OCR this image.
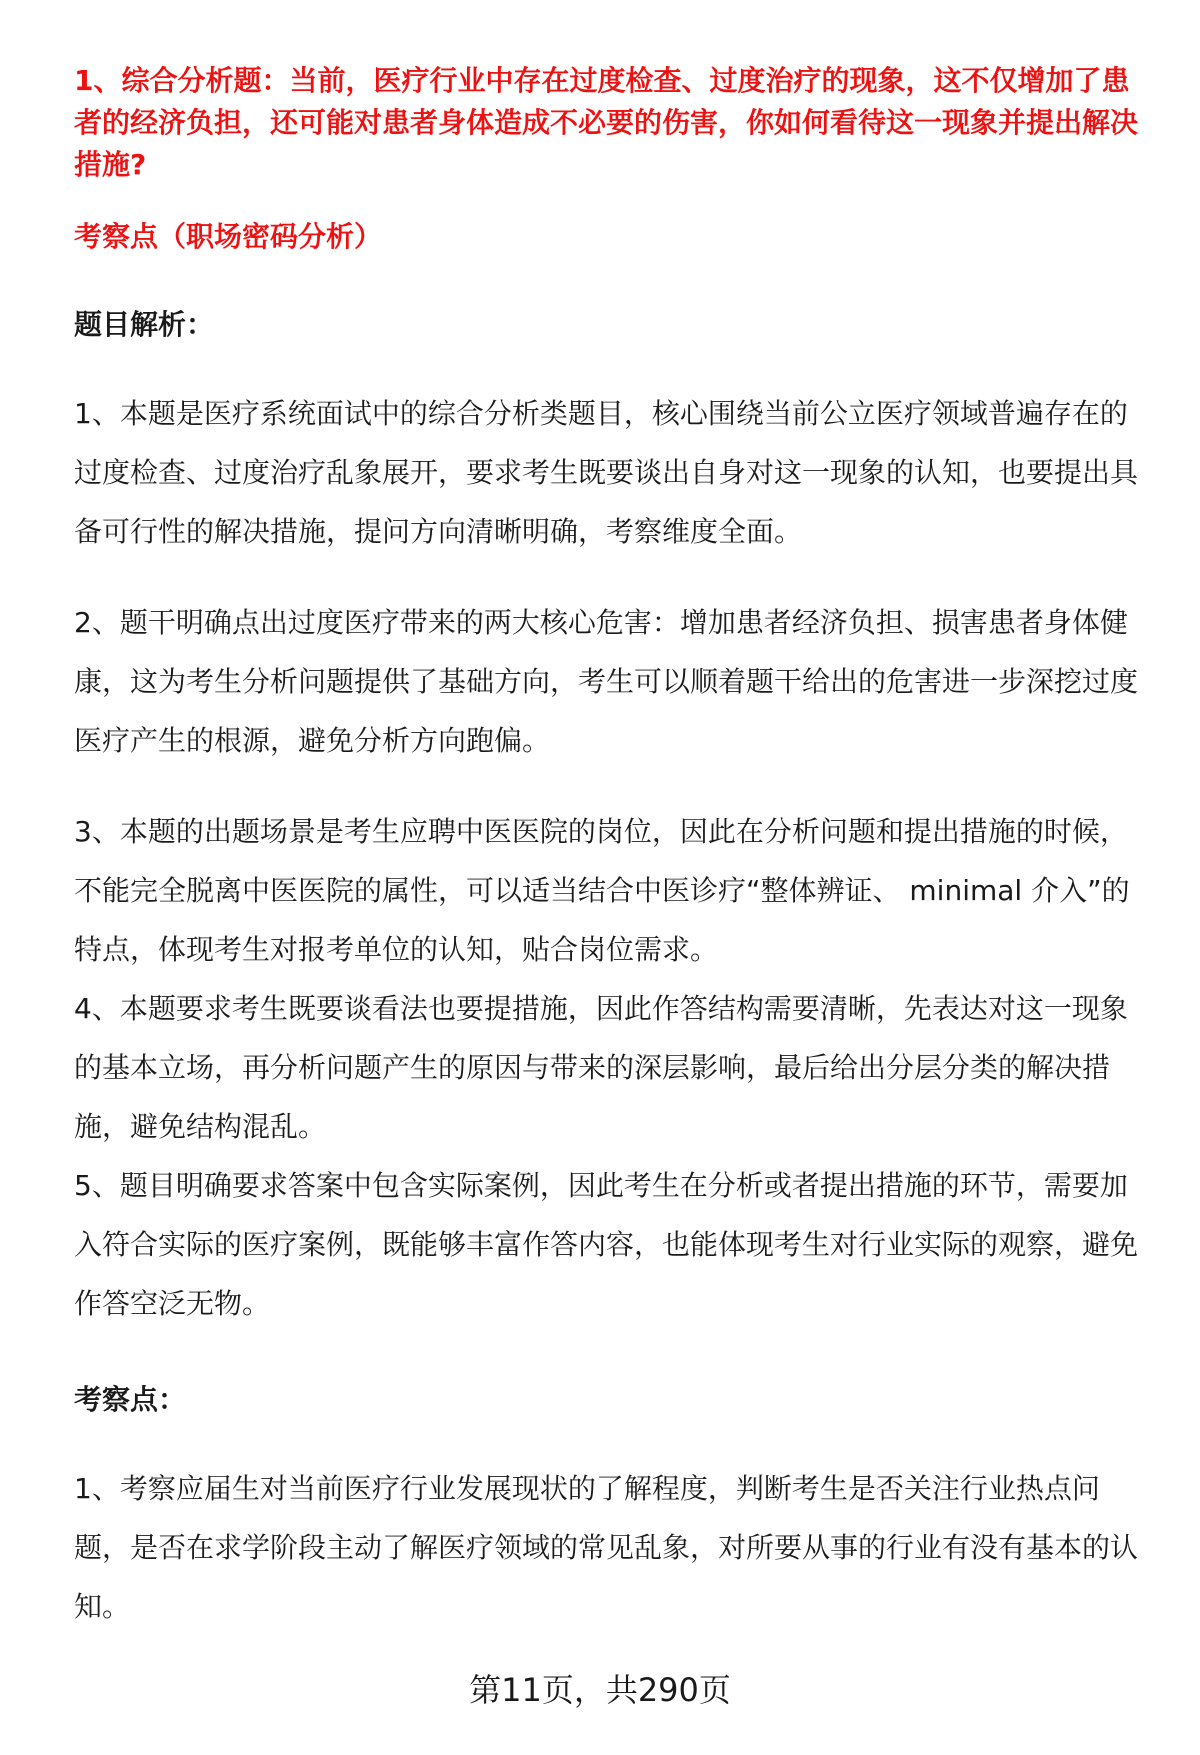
1、综合分析题：当前，医疗行业中存在过度检查、过度治疗的现象，这不仅增加了患者的经济负担，还可能对患者身体造成不必要的伤害，你如何看待这一现象并提出解决措施?

考察点（职场密码分析）

题目解析：

1、本题是医疗系统面试中的综合分析类题目，核心围绕当前公立医疗领域普遍存在的过度检查、过度治疗乱象展开，要求考生既要谈出自身对这一现象的认知，也要提出具备可行性的解决措施，提问方向清晰明确，考察维度全面。

2、题干明确点出过度医疗带来的两大核心危害：增加患者经济负担、损害患者身体健康，这为考生分析问题提供了基础方向，考生可以顺着题干给出的危害进一步深挖过度医疗产生的根源，避免分析方向跑偏。

3、本题的出题场景是考生应聘中医医院的岗位，因此在分析问题和提出措施的时候，不能完全脱离中医医院的属性，可以适当结合中医诊疗“整体辨证、 minimal 介入”的特点，体现考生对报考单位的认知，贴合岗位需求。

4、本题要求考生既要谈看法也要提措施，因此作答结构需要清晰，先表达对这一现象的基本立场，再分析问题产生的原因与带来的深层影响，最后给出分层分类的解决措施，避免结构混乱。

5、题目明确要求答案中包含实际案例，因此考生在分析或者提出措施的环节，需要加入符合实际的医疗案例，既能够丰富作答内容，也能体现考生对行业实际的观察，避免作答空泛无物。

考察点：

1、考察应届生对当前医疗行业发展现状的了解程度，判断考生是否关注行业热点问题，是否在求学阶段主动了解医疗领域的常见乱象，对所要从事的行业有没有基本的认知。

第11页，共290页
